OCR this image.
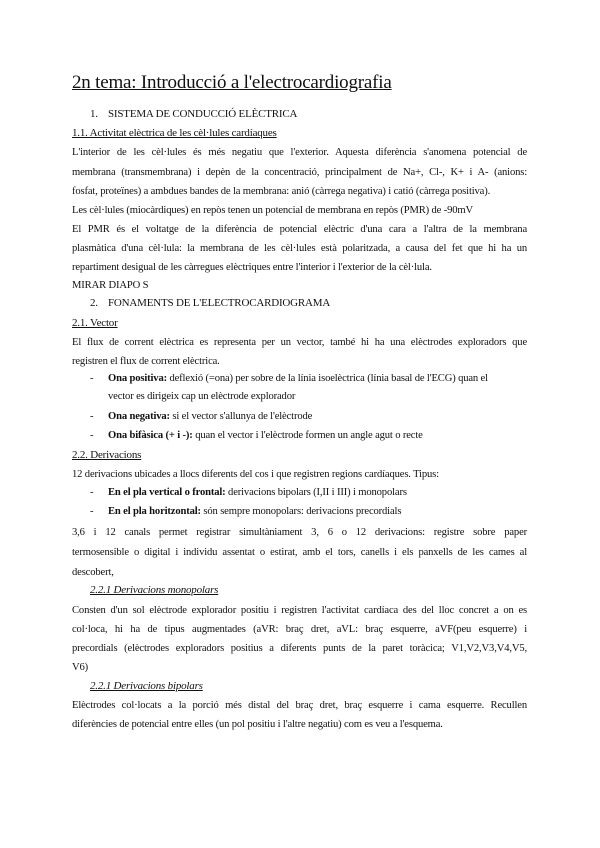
2n tema: Introducció a l'electrocardiografia
1. SISTEMA DE CONDUCCIÓ ELÈCTRICA
1.1. Activitat elèctrica de les cèl·lules cardíaques
L'interior de les cèl·lules és més negatiu que l'exterior. Aquesta diferència s'anomena potencial de
membrana (transmembrana) i depèn de la concentració, principalment de Na+, Cl-, K+ i A- (anions:
fosfat, proteïnes) a ambdues bandes de la membrana: anió (càrrega negativa) i catió (càrrega positiva).
Les cèl·lules (miocàrdiques) en repòs tenen un potencial de membrana en repòs (PMR) de -90mV
El PMR és el voltatge de la diferència de potencial elèctric d'una cara a l'altra de la membrana
plasmàtica d'una cèl·lula: la membrana de les cèl·lules està polaritzada, a causa del fet que hi ha un
repartiment desigual de les càrregues elèctriques entre l'interior i l'exterior de la cèl·lula.
MIRAR DIAPO S
2. FONAMENTS DE L'ELECTROCARDIOGRAMA
2.1. Vector
El flux de corrent elèctrica es representa per un vector, també hi ha una elèctrodes exploradors que
registren el flux de corrent elèctrica.
- Ona positiva: deflexió (=ona) per sobre de la línia isoelèctrica (línia basal de l'ECG) quan el
vector es dirigeix cap un elèctrode explorador
- Ona negativa: si el vector s'allunya de l'elèctrode
- Ona bifàsica (+ i -): quan el vector i l'elèctrode formen un angle agut o recte
2.2. Derivacions
12 derivacions ubicades a llocs diferents del cos i que registren regions cardíaques. Tipus:
- En el pla vertical o frontal: derivacions bipolars (I,II i III) i monopolars
- En el pla horitzontal: són sempre monopolars: derivacions precordials
3,6 i 12 canals permet registrar simultàniament 3, 6 o 12 derivacions: registre sobre paper
termosensible o digital i individu assentat o estirat, amb el tors, canells i els panxells de les cames al
descobert,
2.2.1 Derivacions monopolars
Consten d'un sol elèctrode explorador positiu i registren l'activitat cardíaca des del lloc concret a on es
col·loca, hi ha de tipus augmentades (aVR: braç dret, aVL: braç esquerre, aVF(peu esquerre) i
precordials (elèctrodes exploradors positius a diferents punts de la paret toràcica; V1,V2,V3,V4,V5,
V6)
2.2.1 Derivacions bipolars
Elèctrodes col·locats a la porció més distal del braç dret, braç esquerre i cama esquerre. Recullen
diferències de potencial entre elles (un pol positiu i l'altre negatiu) com es veu a l'esquema.
